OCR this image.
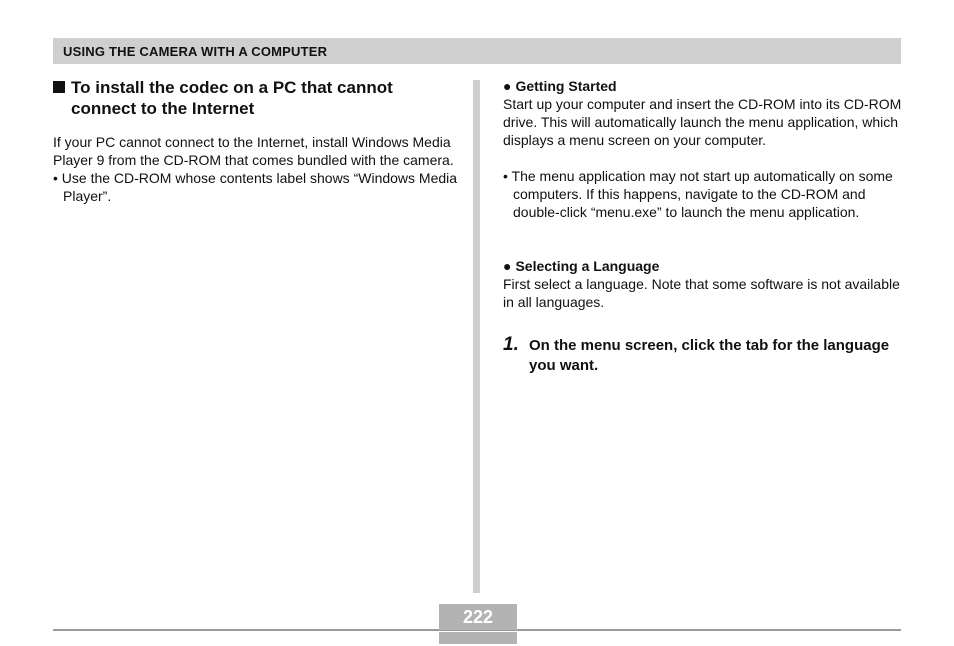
USING THE CAMERA WITH A COMPUTER
To install the codec on a PC that cannot
connect to the Internet
If your PC cannot connect to the Internet, install Windows Media Player 9 from the CD-ROM that comes bundled with the camera.
• Use the CD-ROM whose contents label shows “Windows Media Player”.
● Getting Started
Start up your computer and insert the CD-ROM into its CD-ROM drive. This will automatically launch the menu application, which displays a menu screen on your computer.
• The menu application may not start up automatically on some computers. If this happens, navigate to the CD-ROM and double-click “menu.exe” to launch the menu application.
● Selecting a Language
First select a language. Note that some software is not available in all languages.
1. On the menu screen, click the tab for the language you want.
222
